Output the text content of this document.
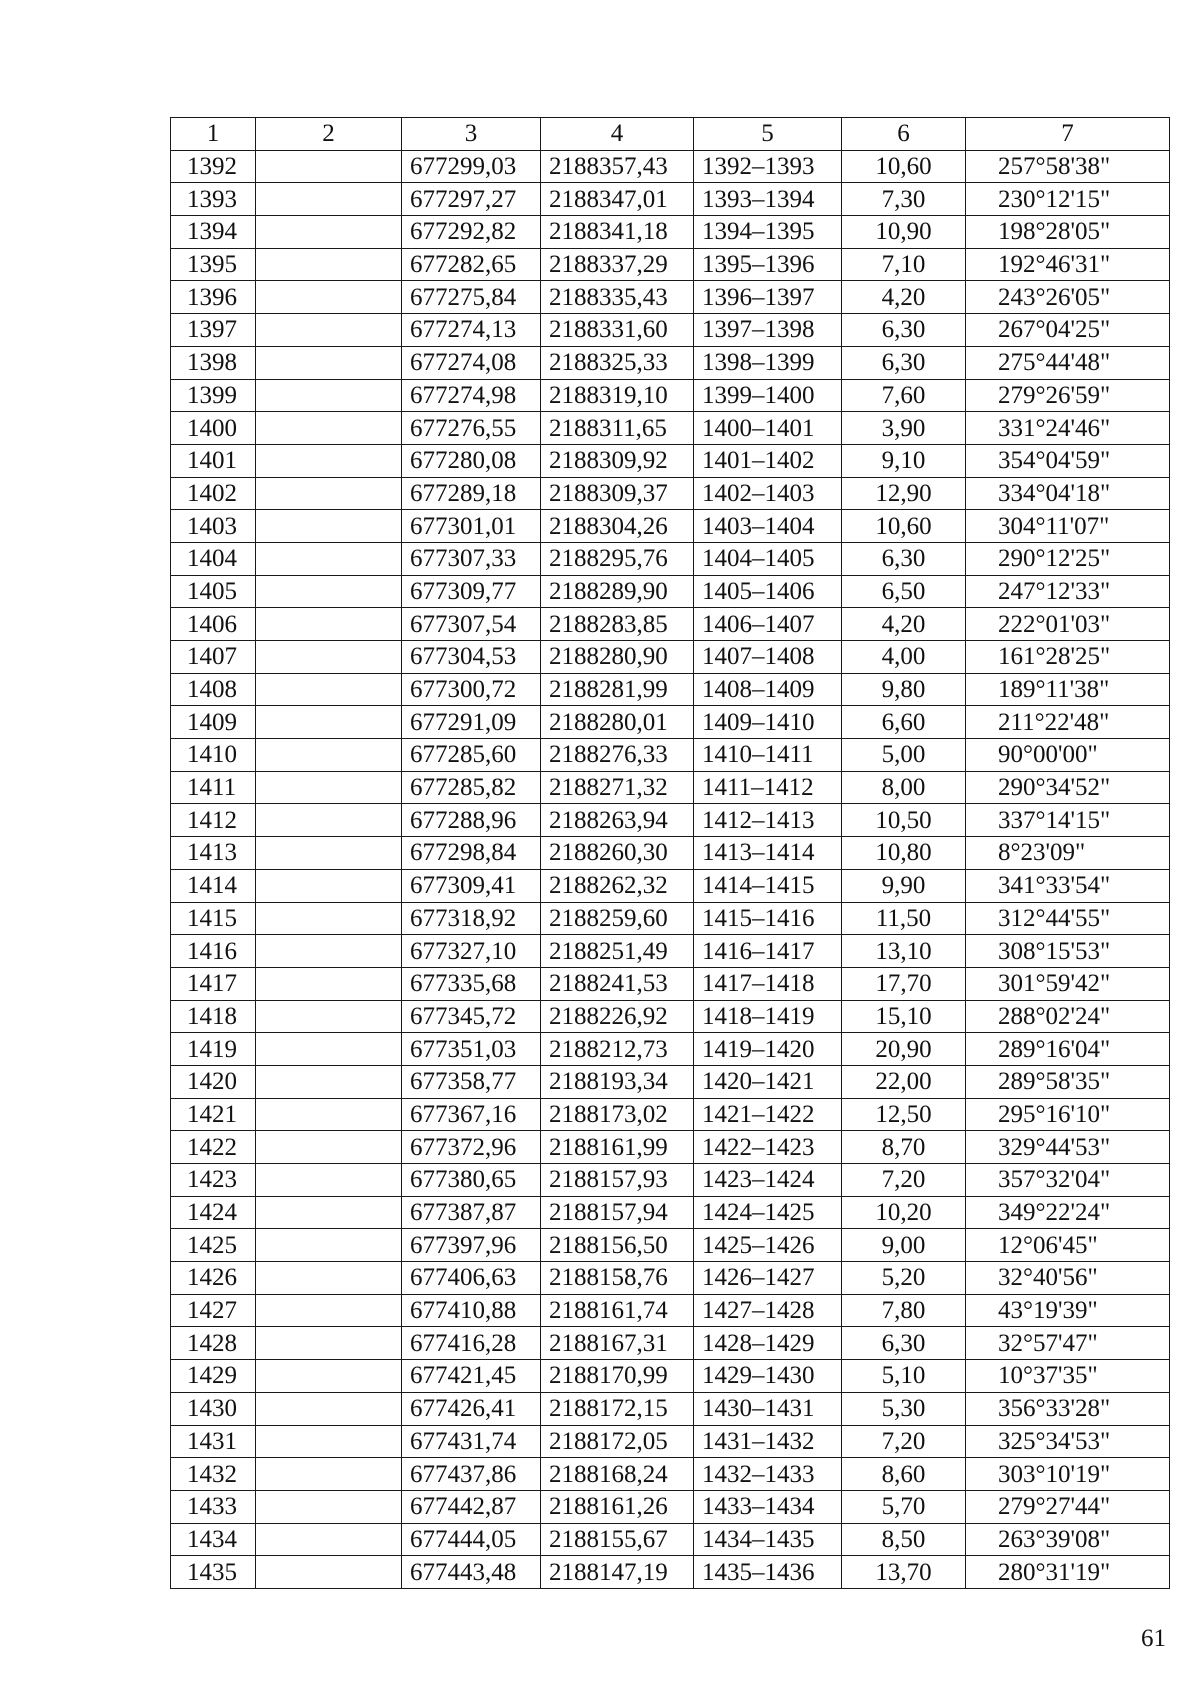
1	2	3	4	5	6	7
1392		677299,03	2188357,43	1392–1393	10,60	257°58'38"
1393		677297,27	2188347,01	1393–1394	7,30	230°12'15"
1394		677292,82	2188341,18	1394–1395	10,90	198°28'05"
1395		677282,65	2188337,29	1395–1396	7,10	192°46'31"
1396		677275,84	2188335,43	1396–1397	4,20	243°26'05"
1397		677274,13	2188331,60	1397–1398	6,30	267°04'25"
1398		677274,08	2188325,33	1398–1399	6,30	275°44'48"
1399		677274,98	2188319,10	1399–1400	7,60	279°26'59"
1400		677276,55	2188311,65	1400–1401	3,90	331°24'46"
1401		677280,08	2188309,92	1401–1402	9,10	354°04'59"
1402		677289,18	2188309,37	1402–1403	12,90	334°04'18"
1403		677301,01	2188304,26	1403–1404	10,60	304°11'07"
1404		677307,33	2188295,76	1404–1405	6,30	290°12'25"
1405		677309,77	2188289,90	1405–1406	6,50	247°12'33"
1406		677307,54	2188283,85	1406–1407	4,20	222°01'03"
1407		677304,53	2188280,90	1407–1408	4,00	161°28'25"
1408		677300,72	2188281,99	1408–1409	9,80	189°11'38"
1409		677291,09	2188280,01	1409–1410	6,60	211°22'48"
1410		677285,60	2188276,33	1410–1411	5,00	90°00'00"
1411		677285,82	2188271,32	1411–1412	8,00	290°34'52"
1412		677288,96	2188263,94	1412–1413	10,50	337°14'15"
1413		677298,84	2188260,30	1413–1414	10,80	8°23'09"
1414		677309,41	2188262,32	1414–1415	9,90	341°33'54"
1415		677318,92	2188259,60	1415–1416	11,50	312°44'55"
1416		677327,10	2188251,49	1416–1417	13,10	308°15'53"
1417		677335,68	2188241,53	1417–1418	17,70	301°59'42"
1418		677345,72	2188226,92	1418–1419	15,10	288°02'24"
1419		677351,03	2188212,73	1419–1420	20,90	289°16'04"
1420		677358,77	2188193,34	1420–1421	22,00	289°58'35"
1421		677367,16	2188173,02	1421–1422	12,50	295°16'10"
1422		677372,96	2188161,99	1422–1423	8,70	329°44'53"
1423		677380,65	2188157,93	1423–1424	7,20	357°32'04"
1424		677387,87	2188157,94	1424–1425	10,20	349°22'24"
1425		677397,96	2188156,50	1425–1426	9,00	12°06'45"
1426		677406,63	2188158,76	1426–1427	5,20	32°40'56"
1427		677410,88	2188161,74	1427–1428	7,80	43°19'39"
1428		677416,28	2188167,31	1428–1429	6,30	32°57'47"
1429		677421,45	2188170,99	1429–1430	5,10	10°37'35"
1430		677426,41	2188172,15	1430–1431	5,30	356°33'28"
1431		677431,74	2188172,05	1431–1432	7,20	325°34'53"
1432		677437,86	2188168,24	1432–1433	8,60	303°10'19"
1433		677442,87	2188161,26	1433–1434	5,70	279°27'44"
1434		677444,05	2188155,67	1434–1435	8,50	263°39'08"
1435		677443,48	2188147,19	1435–1436	13,70	280°31'19"
61
